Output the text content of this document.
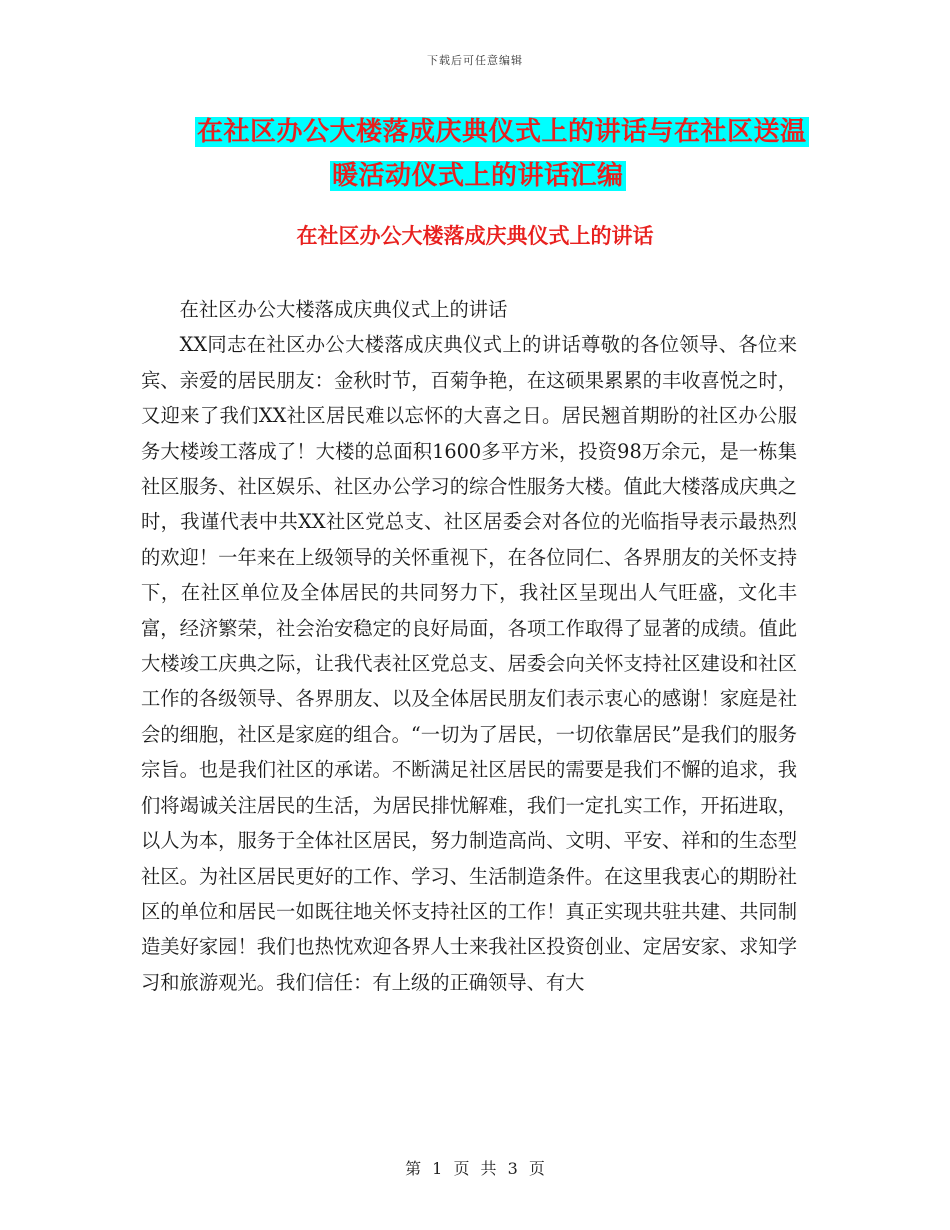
下载后可任意编辑
在社区办公大楼落成庆典仪式上的讲话与在社区送温
暖活动仪式上的讲话汇编
在社区办公大楼落成庆典仪式上的讲话

在社区办公大楼落成庆典仪式上的讲话

XX同志在社区办公大楼落成庆典仪式上的讲话尊敬的各位领导、各位来宾、亲爱的居民朋友：金秋时节，百菊争艳，在这硕果累累的丰收喜悦之时，又迎来了我们XX社区居民难以忘怀的大喜之日。居民翘首期盼的社区办公服务大楼竣工落成了！大楼的总面积1600多平方米，投资98万余元，是一栋集社区服务、社区娱乐、社区办公学习的综合性服务大楼。值此大楼落成庆典之时，我谨代表中共XX社区党总支、社区居委会对各位的光临指导表示最热烈的欢迎！一年来在上级领导的关怀重视下，在各位同仁、各界朋友的关怀支持下，在社区单位及全体居民的共同努力下，我社区呈现出人气旺盛，文化丰富，经济繁荣，社会治安稳定的良好局面，各项工作取得了显著的成绩。值此大楼竣工庆典之际，让我代表社区党总支、居委会向关怀支持社区建设和社区工作的各级领导、各界朋友、以及全体居民朋友们表示衷心的感谢！家庭是社会的细胞，社区是家庭的组合。“一切为了居民，一切依靠居民”是我们的服务宗旨。也是我们社区的承诺。不断满足社区居民的需要是我们不懈的追求，我们将竭诚关注居民的生活，为居民排忧解难，我们一定扎实工作，开拓进取，以人为本，服务于全体社区居民，努力制造高尚、文明、平安、祥和的生态型社区。为社区居民更好的工作、学习、生活制造条件。在这里我衷心的期盼社区的单位和居民一如既往地关怀支持社区的工作！真正实现共驻共建、共同制造美好家园！我们也热忱欢迎各界人士来我社区投资创业、定居安家、求知学习和旅游观光。我们信任：有上级的正确领导、有大

第 1 页 共 3 页
